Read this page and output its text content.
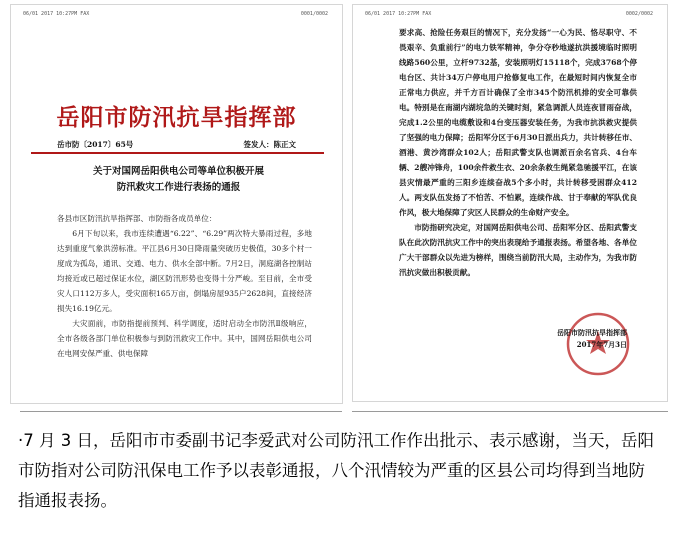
06/01 2017 10:27PM FAX	0001/0002
岳阳市防汛抗旱指挥部
岳市防〔2017〕65号	签发人：陈正文
关于对国网岳阳供电公司等单位积极开展
防汛救灾工作进行表扬的通报

各县市区防汛抗旱指挥部、市防指各成员单位：

6月下旬以来，我市连续遭遇“6.22”、“6.29”两次特大暴雨过程，多地达到重度气象洪涝标准。平江县6月30日降雨量突破历史极值，30多个村一度成为孤岛，通讯、交通、电力、供水全部中断。7月2日，洞庭湖各控制站均接近或已超过保证水位，湖区防汛形势也变得十分严峻。至目前，全市受灾人口112万多人，受灾面积165万亩，倒塌房屋935户2628间，直接经济损失16.19亿元。

大灾面前，市防指提前预判、科学调度，适时启动全市防汛Ⅱ级响应，全市各级各部门单位积极参与到防汛救灾工作中。其中，国网岳阳供电公司在电网安保严重、供电保障

06/01 2017 10:27PM FAX	0002/0002

要求高、抢险任务艰巨的情况下，充分发扬“一心为民、恪尽职守、不畏艰辛、负重前行”的电力铁军精神，争分夺秒地遂抗洪援境临时照明线路560公里，立杆9732基，安装照明灯15118个，完成3768个停电台区、共计34万户停电用户抢修复电工作，在最短时间内恢复全市正常电力供应，并千方百计确保了全市345个防汛机排的安全可靠供电。特别是在南湖内湖垸急的关键时刻，紧急调派人员连夜冒雨奋战，完成1.2公里的电缆敷设和4台变压器安装任务，为我市抗洪救灾提供了坚强的电力保障；岳阳军分区于6月30日派出兵力，共计转移任市、酒港、黄沙湾群众102人；岳阳武警支队也调派百余名官兵、4台车辆、2艘冲锋舟，100余件救生衣、20余条救生绳紧急驰援平江，在该县灾情最严重的三阳乡连续奋战5个多小时，共计转移受困群众412人。两支队伍发扬了不怕苦、不怕累，连续作战、甘于奉献的军队优良作风，极大地保障了灾区人民群众的生命财产安全。

市防指研究决定，对国网岳阳供电公司、岳阳军分区、岳阳武警支队在此次防汛抗灾工作中的突出表现给予通报表扬。希望各地、各单位广大干部群众以先进为榜样，围绕当前防汛大局，主动作为，为我市防汛抗灾做出积极贡献。

岳阳市防汛抗旱指挥部
2017年7月3日
·7 月 3 日，岳阳市市委副书记李爱武对公司防汛工作作出批示、表示感谢，当天，岳阳市防指对公司防汛保电工作予以表彰通报，八个汛情较为严重的区县公司均得到当地防指通报表扬。
